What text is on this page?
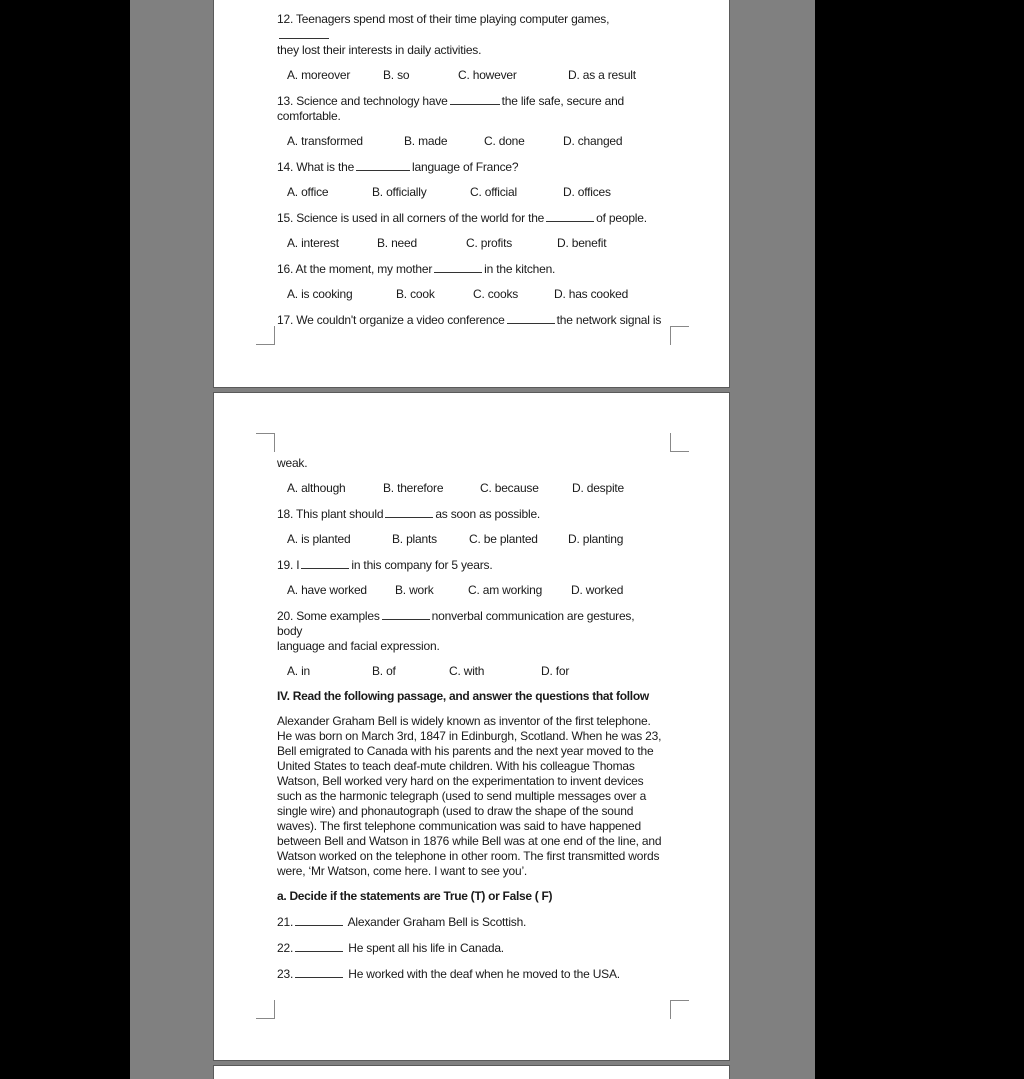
12. Teenagers spend most of their time playing computer games,
they lost their interests in daily activities.
A. moreover	B. so	C. however	D. as a result
13. Science and technology have	the life safe, secure and
comfortable.
A. transformed	B. made	C. done	D. changed
14. What is the	language of France?
A. office	B. officially	C. official	D. offices
15. Science is used in all corners of the world for the	of people.
A. interest	B. need	C. profits	D. benefit
16. At the moment, my mother	in the kitchen.
A. is cooking	B. cook	C. cooks	D. has cooked
17. We couldn't organize a video conference	the network signal is
weak.
A. although	B. therefore	C. because	D. despite
18. This plant should	as soon as possible.
A. is planted	B. plants	C. be planted	D. planting
19. I	in this company for 5 years.
A. have worked B. work	C. am working D. worked
20. Some examples	nonverbal communication are gestures, body
language and facial expression.
A. in	B. of	C. with	D. for
IV. Read the following passage, and answer the questions that follow
Alexander Graham Bell is widely known as inventor of the first telephone. He was born on March 3rd, 1847 in Edinburgh, Scotland. When he was 23, Bell emigrated to Canada with his parents and the next year moved to the United States to teach deaf-mute children. With his colleague Thomas Watson, Bell worked very hard on the experimentation to invent devices such as the harmonic telegraph (used to send multiple messages over a single wire) and phonautograph (used to draw the shape of the sound waves). The first telephone communication was said to have happened between Bell and Watson in 1876 while Bell was at one end of the line, and Watson worked on the telephone in other room. The first transmitted words were, ‘Mr Watson, come here. I want to see you’.
a. Decide if the statements are True (T) or False ( F)
21.	Alexander Graham Bell is Scottish.
22.	He spent all his life in Canada.
23.	He worked with the deaf when he moved to the USA.
